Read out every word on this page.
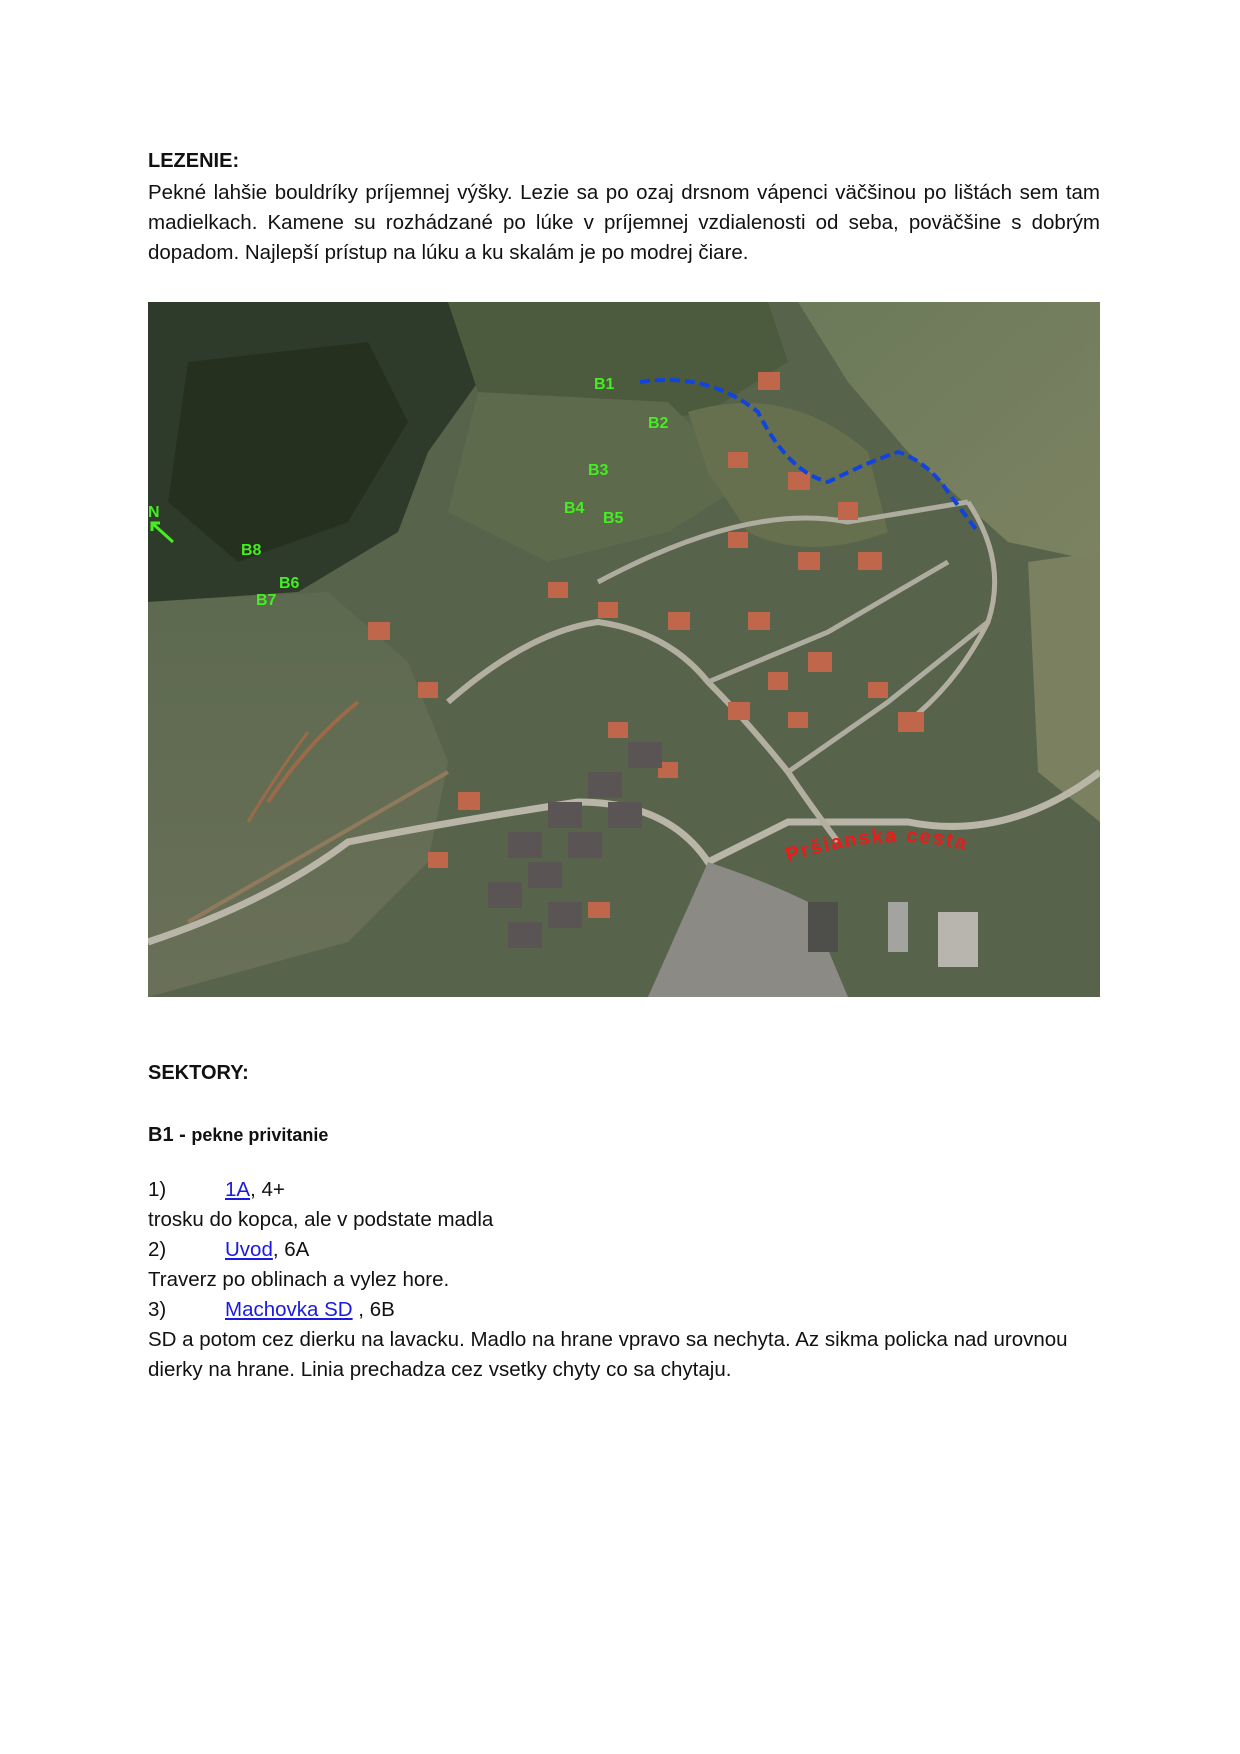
LEZENIE:

Pekné lahšie bouldríky príjemnej výšky. Lezie sa po ozaj drsnom vápenci väčšinou po lištách sem tam madielkach. Kamene su rozhádzané po lúke v príjemnej vzdialenosti od seba, poväčšine s dobrým dopadom. Najlepší prístup na lúku a ku skalám je po modrej čiare.

B1
B2
B3
B4
B5
B6
B7
B8
N
Pršianska cesta
SEKTORY:
B1 - pekne privitanie
1)	1A, 4+
trosku do kopca, ale v podstate madla
2)	Uvod, 6A
Traverz po oblinach a vylez hore.
3)	Machovka SD , 6B
SD a potom cez dierku na lavacku. Madlo na hrane vpravo sa nechyta. Az sikma policka nad urovnou dierky na hrane. Linia prechadza cez vsetky chyty co sa chytaju.
